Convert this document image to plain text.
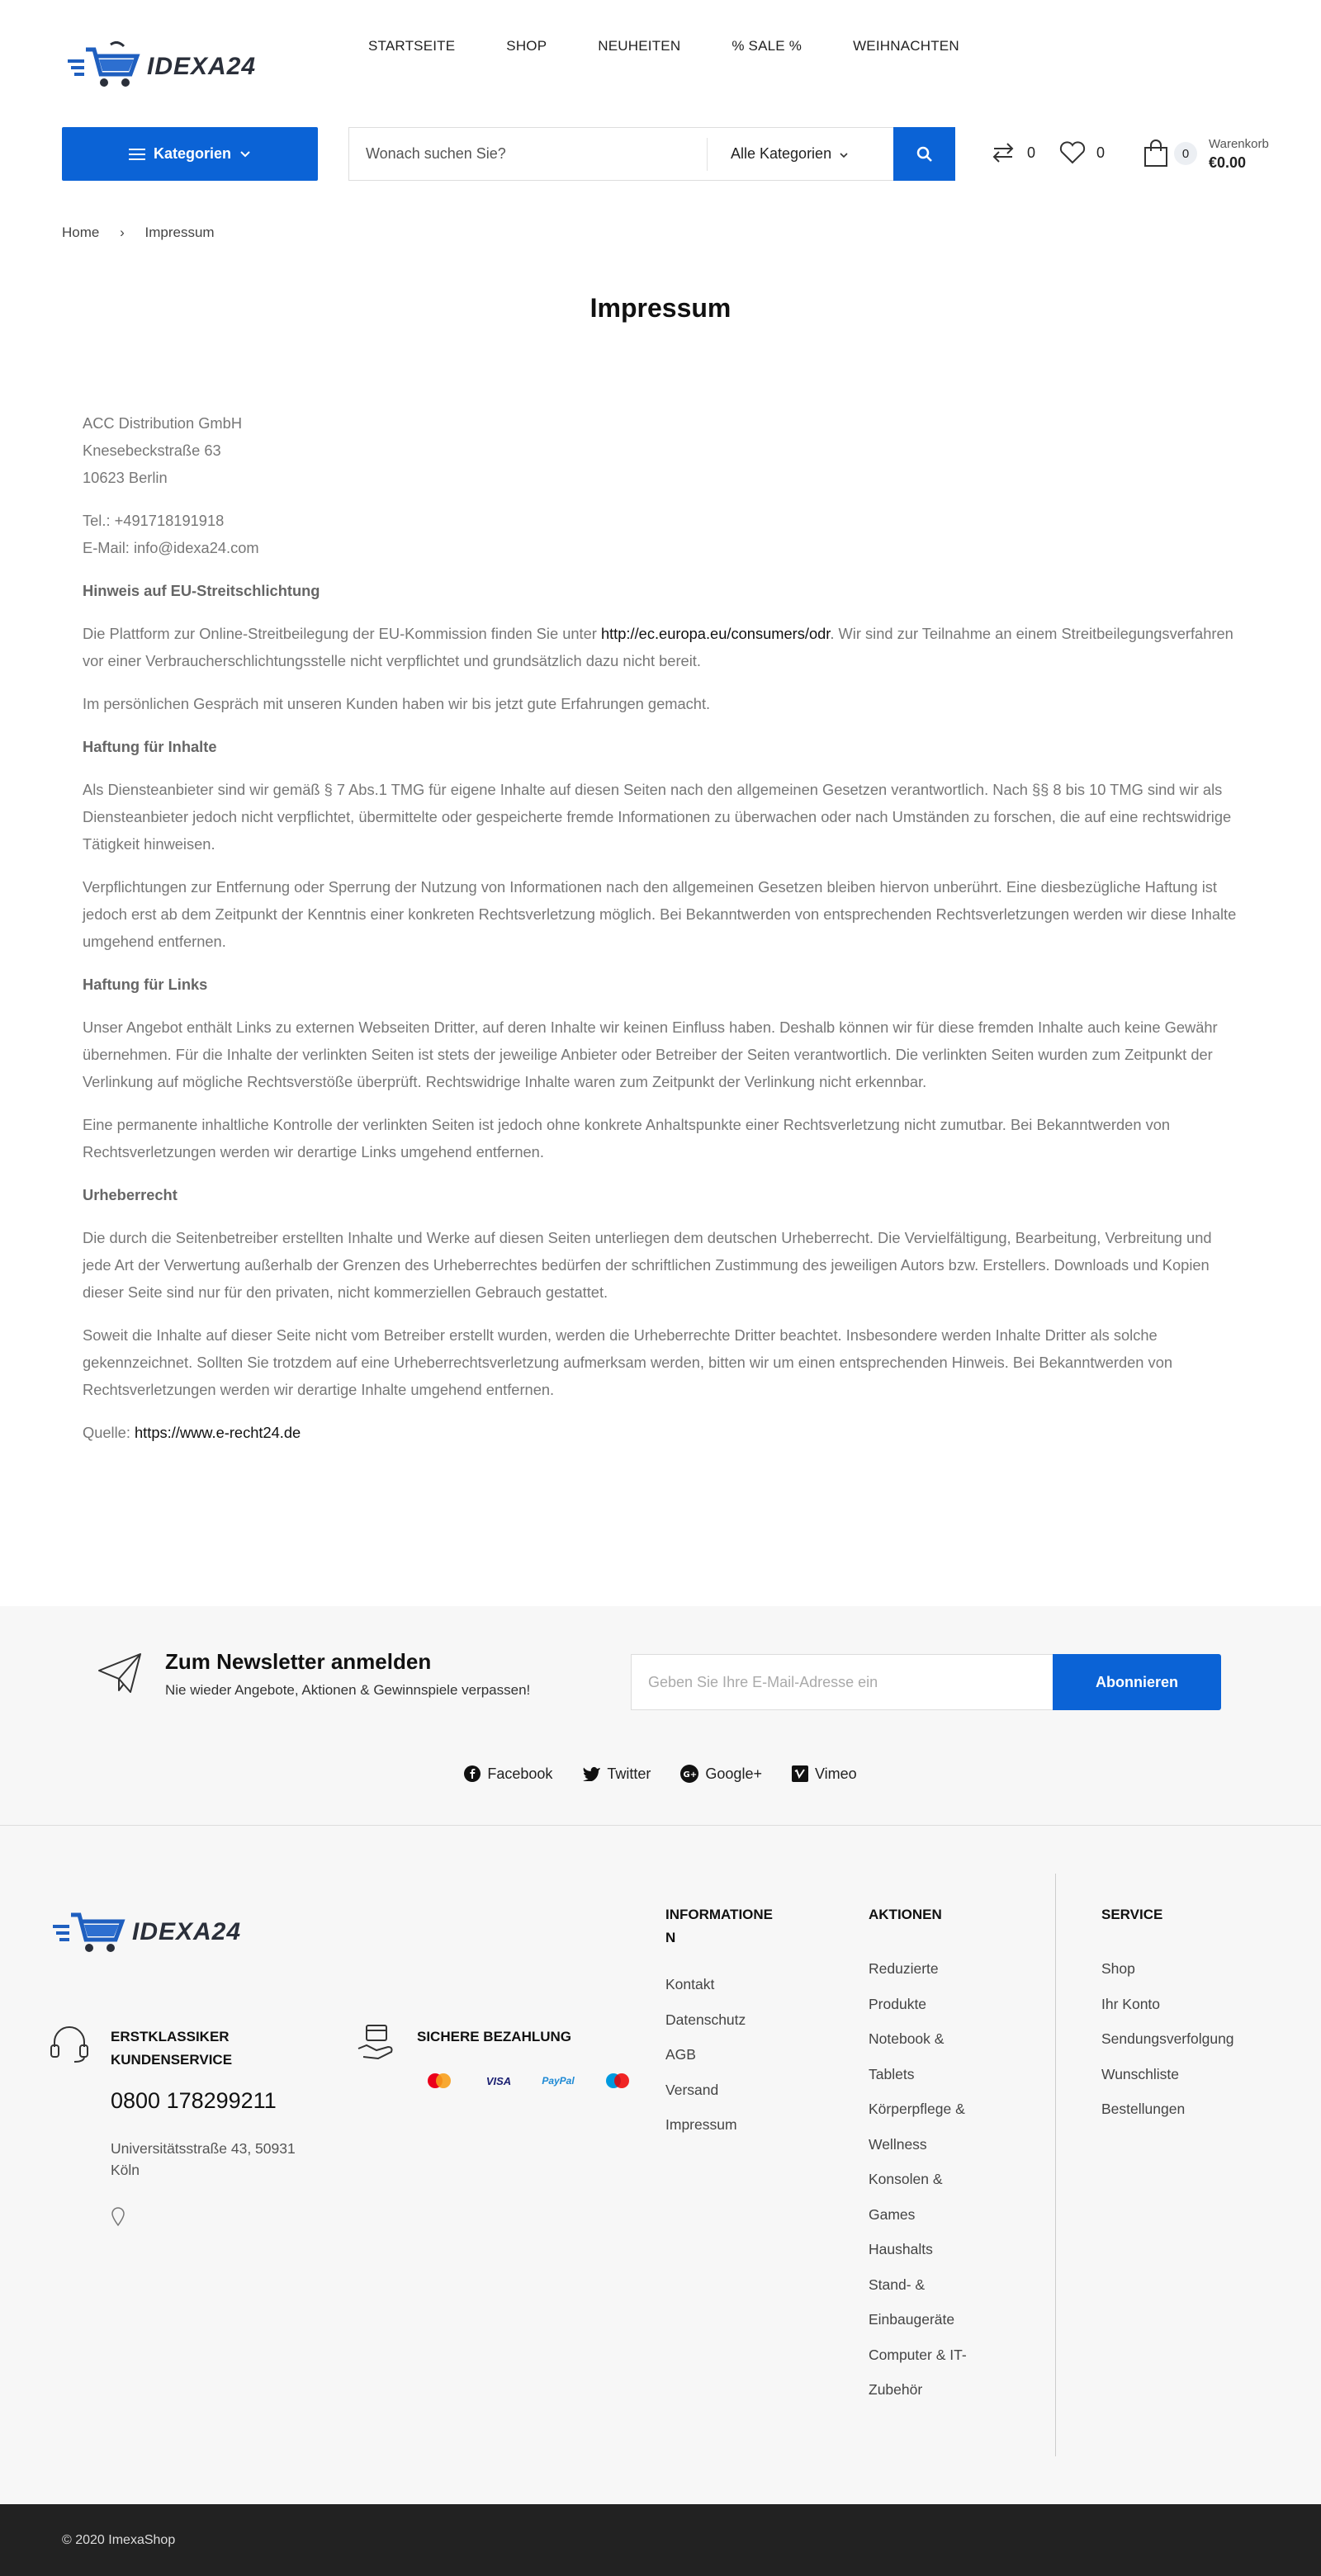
IDEXA24
STARTSEITE	SHOP	NEUHEITEN	% SALE %	WEIHNACHTEN
Kategorien	Wonach suchen Sie?	Alle Kategorien	0	0	0
Warenkorb
€0.00
Home › Impressum
Impressum

ACC Distribution GmbH
Knesebeckstraße 63
10623 Berlin

Tel.: +491718191918
E-Mail: info@idexa24.com

Hinweis auf EU-Streitschlichtung

Die Plattform zur Online-Streitbeilegung der EU-Kommission finden Sie unter http://ec.europa.eu/consumers/odr. Wir sind zur Teilnahme an einem Streitbeilegungsverfahren vor einer Verbraucherschlichtungsstelle nicht verpflichtet und grundsätzlich dazu nicht bereit.

Im persönlichen Gespräch mit unseren Kunden haben wir bis jetzt gute Erfahrungen gemacht.

Haftung für Inhalte

Als Diensteanbieter sind wir gemäß § 7 Abs.1 TMG für eigene Inhalte auf diesen Seiten nach den allgemeinen Gesetzen verantwortlich. Nach §§ 8 bis 10 TMG sind wir als Diensteanbieter jedoch nicht verpflichtet, übermittelte oder gespeicherte fremde Informationen zu überwachen oder nach Umständen zu forschen, die auf eine rechtswidrige Tätigkeit hinweisen.

Verpflichtungen zur Entfernung oder Sperrung der Nutzung von Informationen nach den allgemeinen Gesetzen bleiben hiervon unberührt. Eine diesbezügliche Haftung ist jedoch erst ab dem Zeitpunkt der Kenntnis einer konkreten Rechtsverletzung möglich. Bei Bekanntwerden von entsprechenden Rechtsverletzungen werden wir diese Inhalte umgehend entfernen.

Haftung für Links

Unser Angebot enthält Links zu externen Webseiten Dritter, auf deren Inhalte wir keinen Einfluss haben. Deshalb können wir für diese fremden Inhalte auch keine Gewähr übernehmen. Für die Inhalte der verlinkten Seiten ist stets der jeweilige Anbieter oder Betreiber der Seiten verantwortlich. Die verlinkten Seiten wurden zum Zeitpunkt der Verlinkung auf mögliche Rechtsverstöße überprüft. Rechtswidrige Inhalte waren zum Zeitpunkt der Verlinkung nicht erkennbar.

Eine permanente inhaltliche Kontrolle der verlinkten Seiten ist jedoch ohne konkrete Anhaltspunkte einer Rechtsverletzung nicht zumutbar. Bei Bekanntwerden von Rechtsverletzungen werden wir derartige Links umgehend entfernen.

Urheberrecht

Die durch die Seitenbetreiber erstellten Inhalte und Werke auf diesen Seiten unterliegen dem deutschen Urheberrecht. Die Vervielfältigung, Bearbeitung, Verbreitung und jede Art der Verwertung außerhalb der Grenzen des Urheberrechtes bedürfen der schriftlichen Zustimmung des jeweiligen Autors bzw. Erstellers. Downloads und Kopien dieser Seite sind nur für den privaten, nicht kommerziellen Gebrauch gestattet.

Soweit die Inhalte auf dieser Seite nicht vom Betreiber erstellt wurden, werden die Urheberrechte Dritter beachtet. Insbesondere werden Inhalte Dritter als solche gekennzeichnet. Sollten Sie trotzdem auf eine Urheberrechtsverletzung aufmerksam werden, bitten wir um einen entsprechenden Hinweis. Bei Bekanntwerden von Rechtsverletzungen werden wir derartige Inhalte umgehend entfernen.

Quelle: https://www.e-recht24.de

Zum Newsletter anmelden
Nie wieder Angebote, Aktionen & Gewinnspiele verpassen!	Geben Sie Ihre E-Mail-Adresse ein	Abonnieren
Facebook	Twitter	G+ Google+	Vimeo
IDEXA24
ERSTKLASSIKER
KUNDENSERVICE
0800 178299211
Universitätsstraße 43, 50931
Köln
SICHERE BEZAHLUNG
VISA	PayPal
INFORMATIONE
N
Kontakt
Datenschutz
AGB
Versand
Impressum
AKTIONEN
Reduzierte
Produkte
Notebook &
Tablets
Körperpflege &
Wellness
Konsolen &
Games
Haushalts
Stand- &
Einbaugeräte
Computer & IT-
Zubehör
SERVICE
Shop
Ihr Konto
Sendungsverfolgung
Wunschliste
Bestellungen
© 2020 ImexaShop
